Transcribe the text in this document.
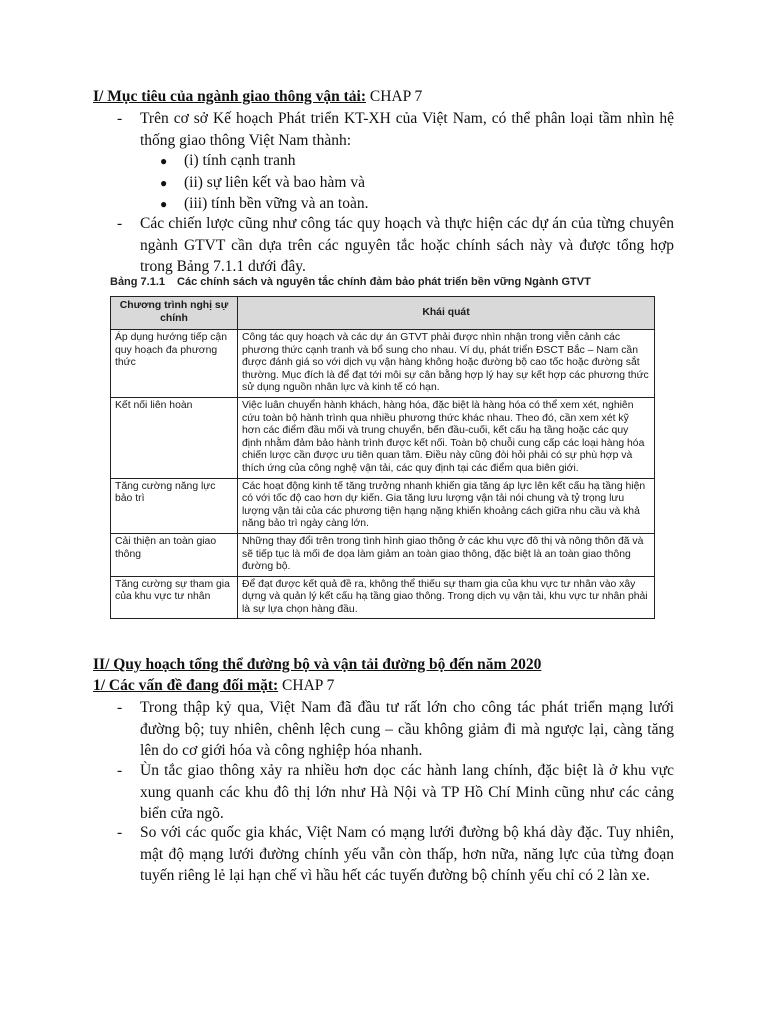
I/ Mục tiêu của ngành giao thông vận tải: CHAP 7
- Trên cơ sở Kế hoạch Phát triển KT-XH của Việt Nam, có thể phân loại tầm nhìn hệ thống giao thông Việt Nam thành:
● (i) tính cạnh tranh
● (ii) sự liên kết và bao hàm và
● (iii) tính bền vững và an toàn.
- Các chiến lược cũng như công tác quy hoạch và thực hiện các dự án của từng chuyên ngành GTVT cần dựa trên các nguyên tắc hoặc chính sách này và được tổng hợp trong Bảng 7.1.1 dưới đây.
Bảng 7.1.1 Các chính sách và nguyên tắc chính đảm bảo phát triển bền vững Ngành GTVT
Chương trình nghị sự chính	Khái quát
Áp dụng hướng tiếp cận quy hoạch đa phương thức	Công tác quy hoạch và các dự án GTVT phải được nhìn nhận trong viễn cảnh các phương thức cạnh tranh và bổ sung cho nhau. Ví dụ, phát triển ĐSCT Bắc – Nam cần được đánh giá so với dịch vụ vận hàng không hoặc đường bộ cao tốc hoặc đường sắt thường. Mục đích là để đạt tới môi sự cân bằng hợp lý hay sự kết hợp các phương thức sử dụng nguồn nhân lực và kinh tế có hạn.
Kết nối liên hoàn	Việc luân chuyển hành khách, hàng hóa, đặc biệt là hàng hóa có thể xem xét, nghiên cứu toàn bộ hành trình qua nhiều phương thức khác nhau. Theo đó, cần xem xét kỹ hơn các điểm đầu mối và trung chuyển, bến đầu-cuối, kết cấu hạ tầng hoặc các quy định nhằm đảm bảo hành trình được kết nối. Toàn bộ chuỗi cung cấp các loại hàng hóa chiến lược cần được ưu tiên quan tâm. Điều này cũng đòi hỏi phải có sự phù hợp và thích ứng của công nghệ vận tải, các quy định tại các điểm qua biên giới.
Tăng cường năng lực bảo trì	Các hoạt động kinh tế tăng trưởng nhanh khiến gia tăng áp lực lên kết cấu hạ tầng hiện có với tốc độ cao hơn dự kiến. Gia tăng lưu lượng vận tải nói chung và tỷ trọng lưu lượng vận tải của các phương tiện hạng nặng khiến khoảng cách giữa nhu cầu và khả năng bảo trì ngày càng lớn.
Cải thiện an toàn giao thông	Những thay đổi trên trong tình hình giao thông ở các khu vực đô thị và nông thôn đã và sẽ tiếp tục là mối đe dọa làm giảm an toàn giao thông, đặc biệt là an toàn giao thông đường bộ.
Tăng cường sự tham gia của khu vực tư nhân	Để đạt được kết quả đề ra, không thể thiếu sự tham gia của khu vực tư nhân vào xây dựng và quản lý kết cấu hạ tầng giao thông. Trong dịch vụ vận tải, khu vực tư nhân phải là sự lựa chọn hàng đầu.
II/ Quy hoạch tổng thể đường bộ và vận tải đường bộ đến năm 2020
1/ Các vấn đề đang đối mặt: CHAP 7
- Trong thập kỷ qua, Việt Nam đã đầu tư rất lớn cho công tác phát triển mạng lưới đường bộ; tuy nhiên, chênh lệch cung – cầu không giảm đi mà ngược lại, càng tăng lên do cơ giới hóa và công nghiệp hóa nhanh.
- Ùn tắc giao thông xảy ra nhiều hơn dọc các hành lang chính, đặc biệt là ở khu vực xung quanh các khu đô thị lớn như Hà Nội và TP Hồ Chí Minh cũng như các cảng biển cửa ngõ.
- So với các quốc gia khác, Việt Nam có mạng lưới đường bộ khá dày đặc. Tuy nhiên, mật độ mạng lưới đường chính yếu vẫn còn thấp, hơn nữa, năng lực của từng đoạn tuyến riêng lẻ lại hạn chế vì hầu hết các tuyến đường bộ chính yếu chỉ có 2 làn xe.
